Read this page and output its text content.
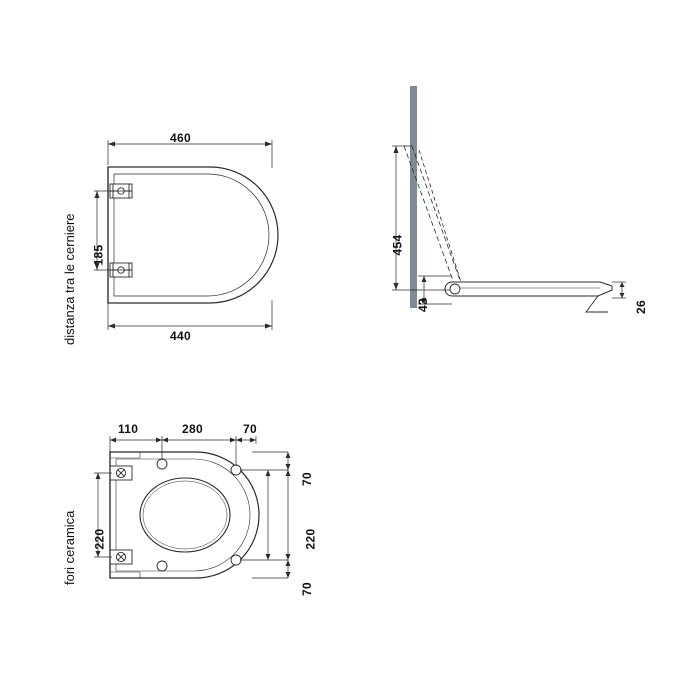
distanza tra le cerniere
fori ceramica
460
440
185	454
43	26
110	280	70
220
70
220
70
